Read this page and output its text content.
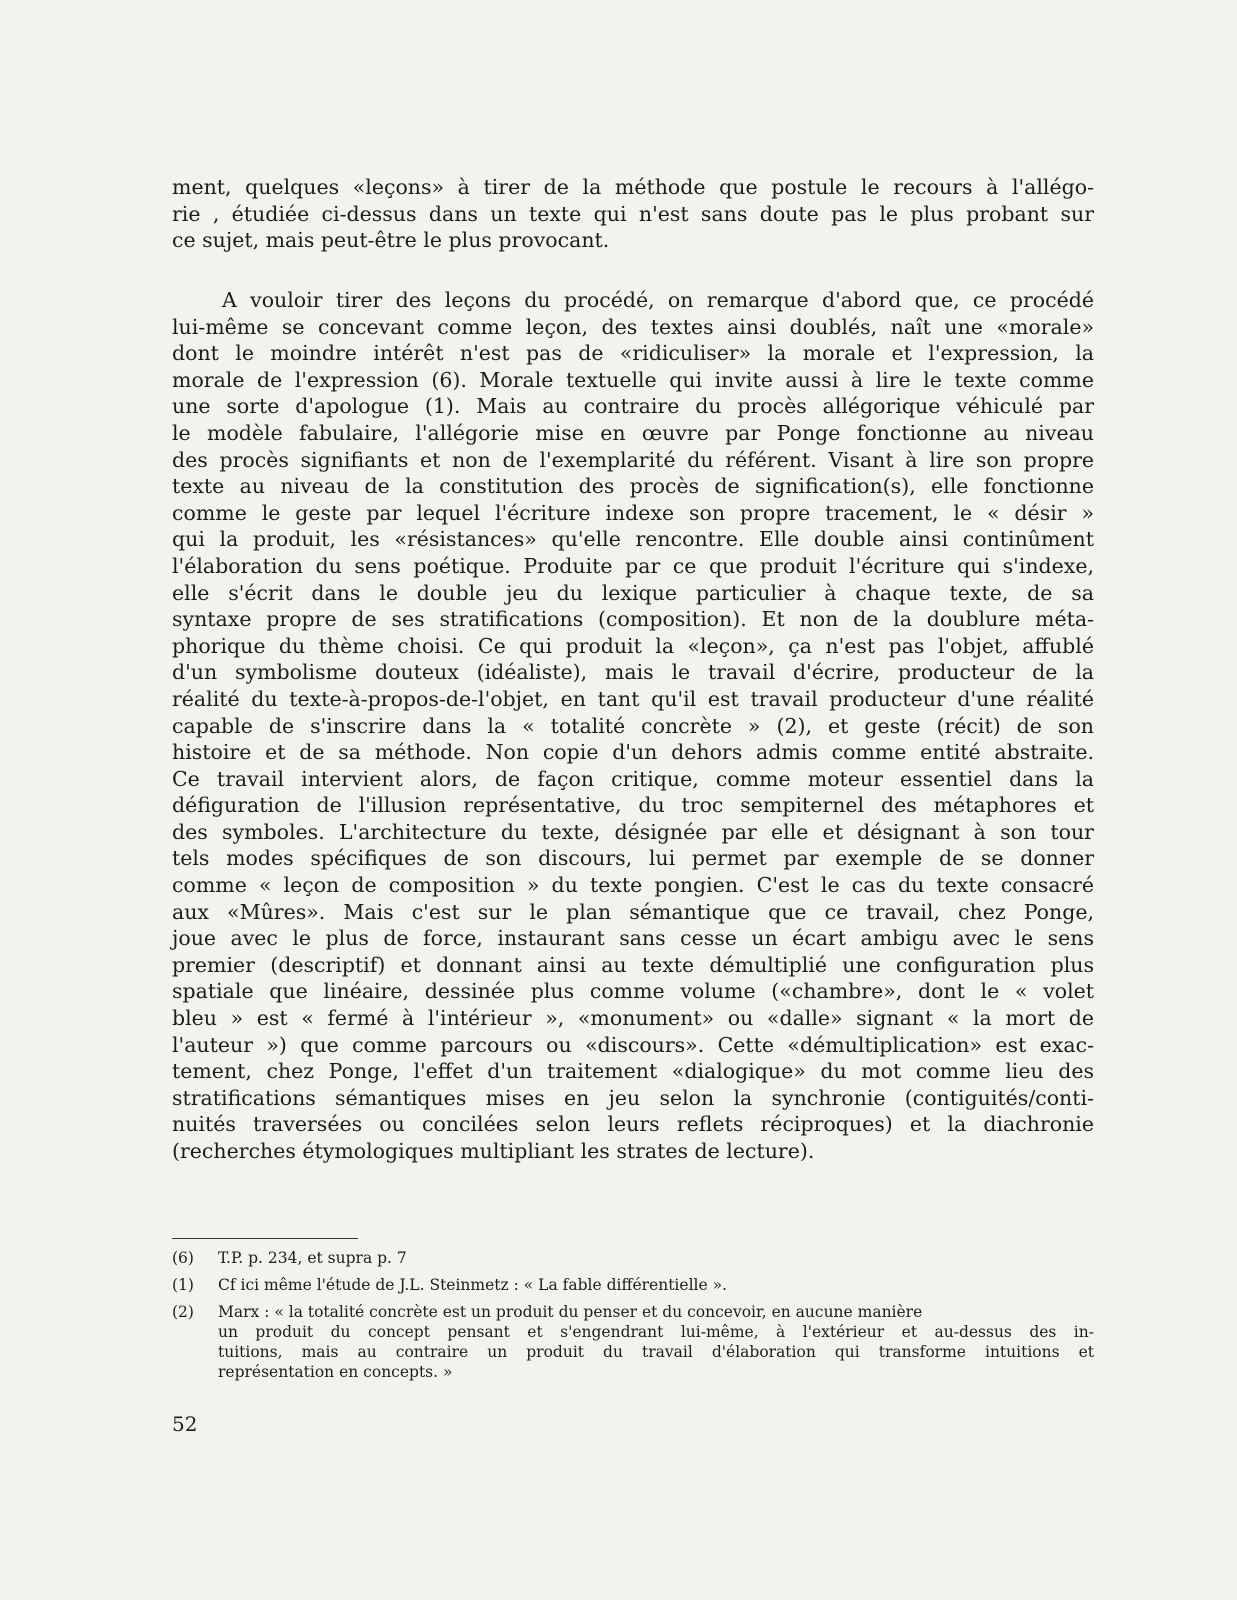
ment, quelques «leçons» à tirer de la méthode que postule le recours à l'allégo-
rie , étudiée ci-dessus dans un texte qui n'est sans doute pas le plus probant sur
ce sujet, mais peut-être le plus provocant.
A vouloir tirer des leçons du procédé, on remarque d'abord que, ce procédé
lui-même se concevant comme leçon, des textes ainsi doublés, naît une «morale»
dont le moindre intérêt n'est pas de «ridiculiser» la morale et l'expression, la
morale de l'expression (6). Morale textuelle qui invite aussi à lire le texte comme
une sorte d'apologue (1). Mais au contraire du procès allégorique véhiculé par
le modèle fabulaire, l'allégorie mise en œuvre par Ponge fonctionne au niveau
des procès signifiants et non de l'exemplarité du référent. Visant à lire son propre
texte au niveau de la constitution des procès de signification(s), elle fonctionne
comme le geste par lequel l'écriture indexe son propre tracement, le « désir »
qui la produit, les «résistances» qu'elle rencontre. Elle double ainsi continûment
l'élaboration du sens poétique. Produite par ce que produit l'écriture qui s'indexe,
elle s'écrit dans le double jeu du lexique particulier à chaque texte, de sa
syntaxe propre de ses stratifications (composition). Et non de la doublure méta-
phorique du thème choisi. Ce qui produit la «leçon», ça n'est pas l'objet, affublé
d'un symbolisme douteux (idéaliste), mais le travail d'écrire, producteur de la
réalité du texte-à-propos-de-l'objet, en tant qu'il est travail producteur d'une réalité
capable de s'inscrire dans la « totalité concrète » (2), et geste (récit) de son
histoire et de sa méthode. Non copie d'un dehors admis comme entité abstraite.
Ce travail intervient alors, de façon critique, comme moteur essentiel dans la
défiguration de l'illusion représentative, du troc sempiternel des métaphores et
des symboles. L'architecture du texte, désignée par elle et désignant à son tour
tels modes spécifiques de son discours, lui permet par exemple de se donner
comme « leçon de composition » du texte pongien. C'est le cas du texte consacré
aux «Mûres». Mais c'est sur le plan sémantique que ce travail, chez Ponge,
joue avec le plus de force, instaurant sans cesse un écart ambigu avec le sens
premier (descriptif) et donnant ainsi au texte démultiplié une configuration plus
spatiale que linéaire, dessinée plus comme volume («chambre», dont le « volet
bleu » est « fermé à l'intérieur », «monument» ou «dalle» signant « la mort de
l'auteur ») que comme parcours ou «discours». Cette «démultiplication» est exac-
tement, chez Ponge, l'effet d'un traitement «dialogique» du mot comme lieu des
stratifications sémantiques mises en jeu selon la synchronie (contiguités/conti-
nuités traversées ou concilées selon leurs reflets réciproques) et la diachronie
(recherches étymologiques multipliant les strates de lecture).
(6) T.P. p. 234, et supra p. 7
(1) Cf ici même l'étude de J.L. Steinmetz : « La fable différentielle ».
(2) Marx : « la totalité concrète est un produit du penser et du concevoir, en aucune manière
un produit du concept pensant et s'engendrant lui-même, à l'extérieur et au-dessus des in-
tuitions, mais au contraire un produit du travail d'élaboration qui transforme intuitions et
représentation en concepts. »
52
